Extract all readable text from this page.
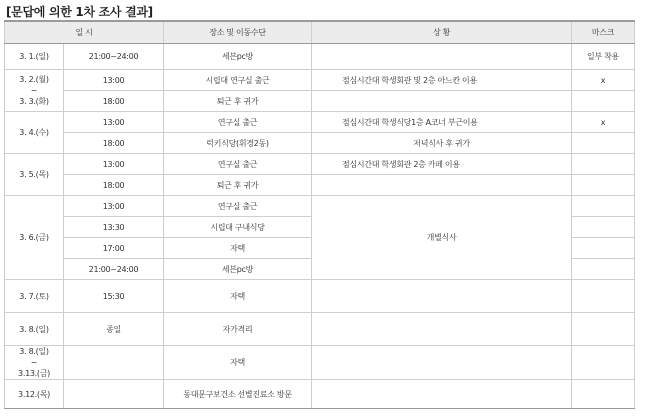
[문답에 의한 1차 조사 결과]
일 시		장소 및 이동수단	상 황	마스크
3. 1.(일)	21:00~24:00	세븐pc방		일부 착용

3. 2.(월)
~
3. 3.(화)	13:00	시립대 연구실 출근	점심시간대 학생회관 및 2층 아느칸 이용	x
	18:00	퇴근 후 귀가		
3. 4.(수)	13:00	연구실 출근	점심시간대 학생식당1층 A코너 부근이용	x
	18:00	럭키식당(휘경2동)	저녁식사 후 귀가	
3. 5.(목)	13:00	연구실 출근	점심시간대 학생회관 2층 카페 이용	
	18:00	퇴근 후 귀가		
3. 6.(금)	13:00	연구실 출근	개별식사	
	13:30	시립대 구내식당		
	17:00	자택		
	21:00~24:00	세븐pc방		
3. 7.(토)	15:30	자택		
3. 8.(일)	종일	자가격리		

3. 8.(일)
~
3.13.(금)		자택		
3.12.(목)		동대문구보건소 선별진료소 방문		
